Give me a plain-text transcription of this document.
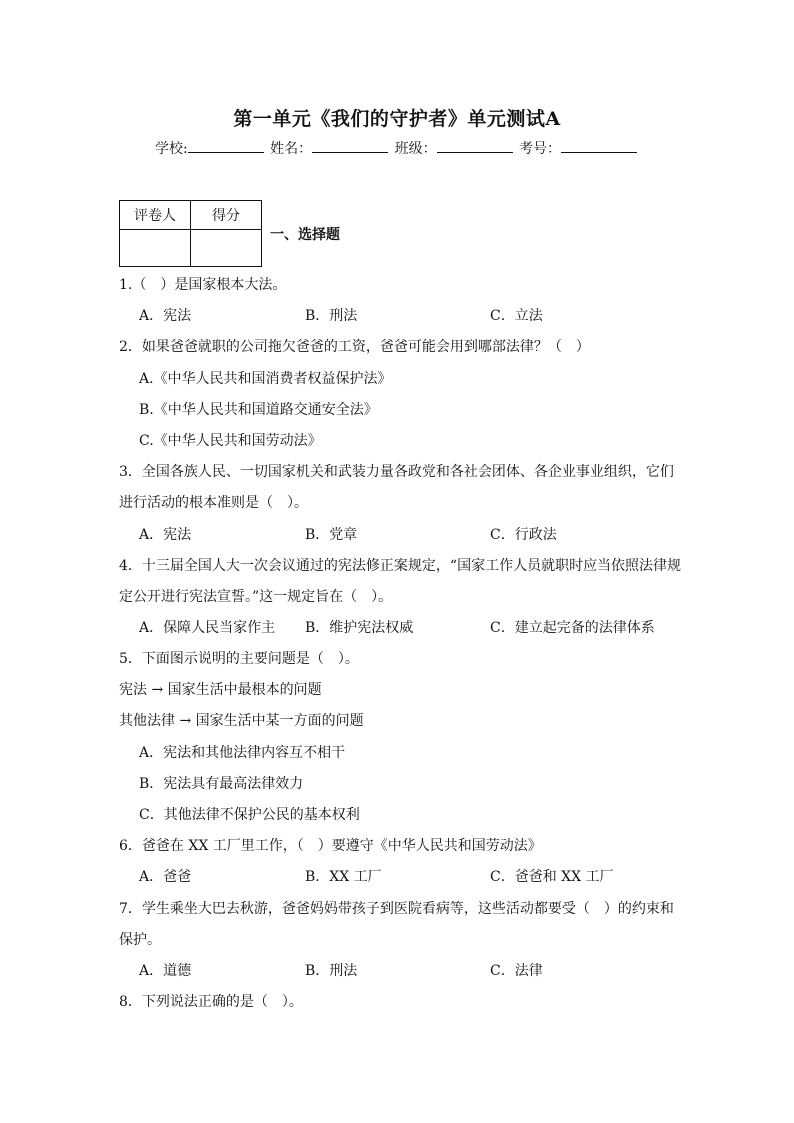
第一单元《我们的守护者》单元测试A
学校:	姓名：	班级：	考号：
评卷人	得分

一、选择题
1.（　）是国家根本大法。
A．宪法	B．刑法	C．立法
2．如果爸爸就职的公司拖欠爸爸的工资，爸爸可能会用到哪部法律？（　）
A.《中华人民共和国消费者权益保护法》
B.《中华人民共和国道路交通安全法》
C.《中华人民共和国劳动法》
3．全国各族人民、一切国家机关和武装力量各政党和各社会团体、各企业事业组织，它们
进行活动的根本准则是（　）。
A．宪法	B．党章	C．行政法
4．十三届全国人大一次会议通过的宪法修正案规定，“国家工作人员就职时应当依照法律规
定公开进行宪法宣誓。”这一规定旨在（　）。
A．保障人民当家作主 B．维护宪法权威	C．建立起完备的法律体系
5．下面图示说明的主要问题是（　）。
宪法 → 国家生活中最根本的问题
其他法律 → 国家生活中某一方面的问题
A．宪法和其他法律内容互不相干
B．宪法具有最高法律效力
C．其他法律不保护公民的基本权利
6．爸爸在 XX 工厂里工作，（　）要遵守《中华人民共和国劳动法》
A．爸爸	B．XX 工厂	C．爸爸和 XX 工厂
7．学生乘坐大巴去秋游，爸爸妈妈带孩子到医院看病等，这些活动都要受（　）的约束和
保护。
A．道德	B．刑法	C．法律
8．下列说法正确的是（　）。
